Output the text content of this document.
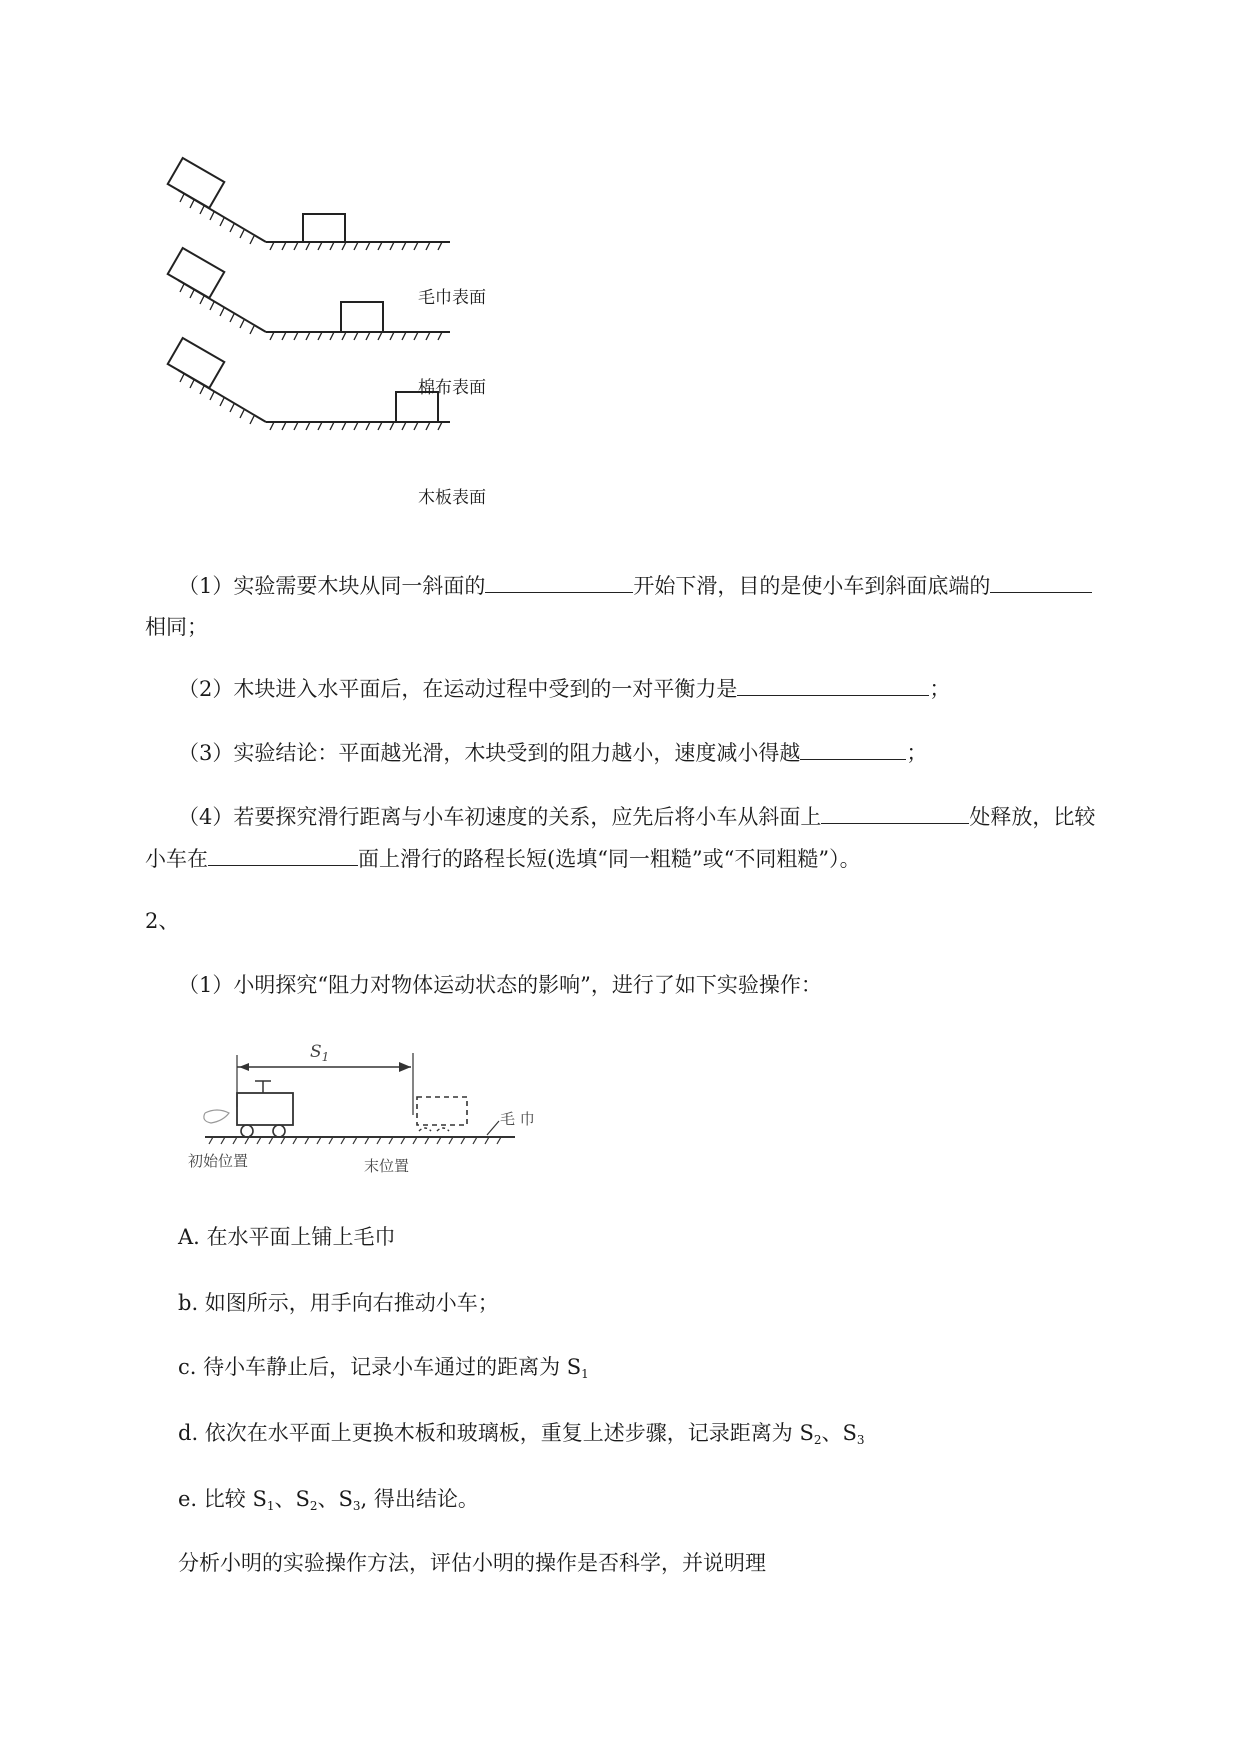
毛巾表面
棉布表面
木板表面
（1）实验需要木块从同一斜面的	开始下滑，目的是使小车到斜面底端的
相同；
（2）木块进入水平面后，在运动过程中受到的一对平衡力是	；
（3）实验结论：平面越光滑，木块受到的阻力越小，速度减小得越	；
（4）若要探究滑行距离与小车初速度的关系，应先后将小车从斜面上	处释放，比较
小车在	面上滑行的路程长短(选填“同一粗糙”或“不同粗糙”）。
2、
（1）小明探究“阻力对物体运动状态的影响”，进行了如下实验操作：
$S_1$
初始位置	末位置
毛 巾
A. 在水平面上铺上毛巾
b. 如图所示，用手向右推动小车；
c. 待小车静止后，记录小车通过的距离为 $S_1$
d. 依次在水平面上更换木板和玻璃板，重复上述步骤，记录距离为 $S_2$、$S_3$
e. 比较 $S_1$、$S_2$、$S_3$, 得出结论。
分析小明的实验操作方法，评估小明的操作是否科学，并说明理
